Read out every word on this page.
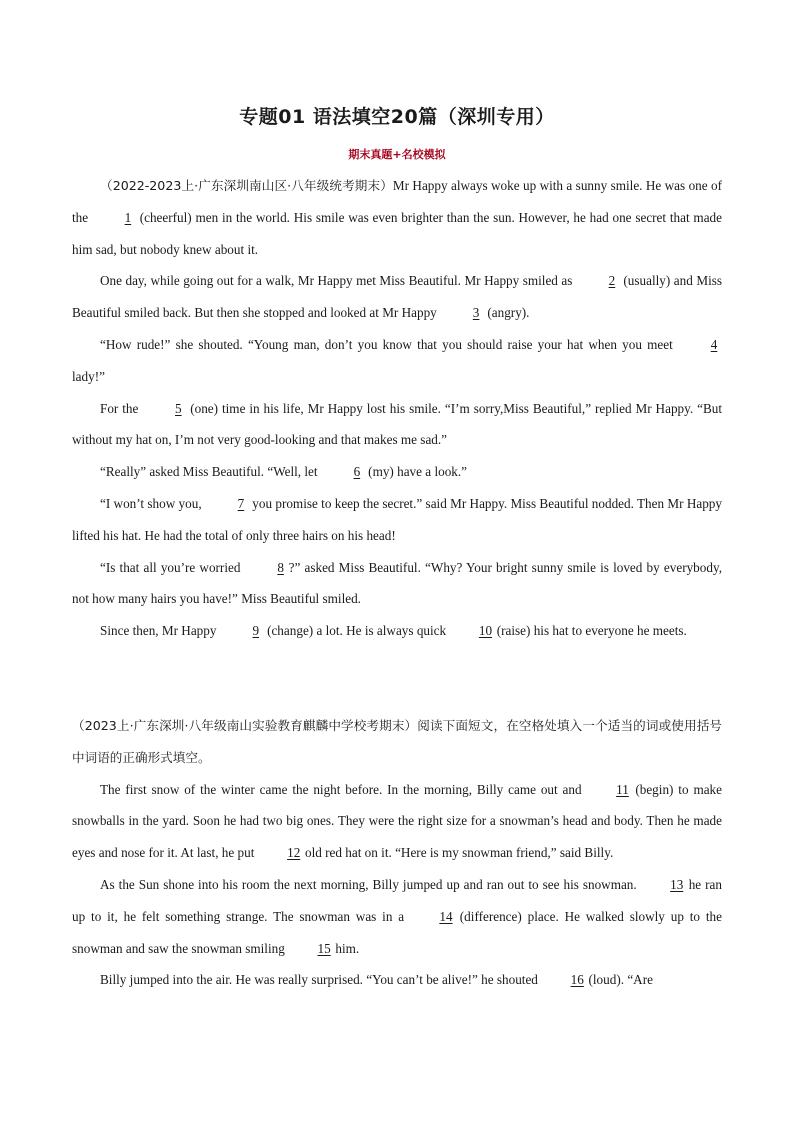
专题01 语法填空20篇（深圳专用）
期末真题+名校模拟

（2022-2023上·广东深圳南山区·八年级统考期末）Mr Happy always woke up with a sunny smile. He was one of the 1 (cheerful) men in the world. His smile was even brighter than the sun. However, he had one secret that made him sad, but nobody knew about it.

One day, while going out for a walk, Mr Happy met Miss Beautiful. Mr Happy smiled as 2 (usually) and Miss Beautiful smiled back. But then she stopped and looked at Mr Happy 3 (angry).

“How rude!” she shouted. “Young man, don’t you know that you should raise your hat when you meet 4 lady!”

For the 5 (one) time in his life, Mr Happy lost his smile. “I’m sorry,Miss Beautiful,” replied Mr Happy. “But without my hat on, I’m not very good-looking and that makes me sad.”

“Really” asked Miss Beautiful. “Well, let 6 (my) have a look.”

“I won’t show you, 7 you promise to keep the secret.” said Mr Happy. Miss Beautiful nodded. Then Mr Happy lifted his hat. He had the total of only three hairs on his head!

“Is that all you’re worried 8 ?” asked Miss Beautiful. “Why? Your bright sunny smile is loved by everybody, not how many hairs you have!” Miss Beautiful smiled.

Since then, Mr Happy 9 (change) a lot. He is always quick 10 (raise) his hat to everyone he meets.

（2023上·广东深圳·八年级南山实验教育麒麟中学校考期末）阅读下面短文，在空格处填入一个适当的词或使用括号中词语的正确形式填空。

The first snow of the winter came the night before. In the morning, Billy came out and 11 (begin) to make snowballs in the yard. Soon he had two big ones. They were the right size for a snowman’s head and body. Then he made eyes and nose for it. At last, he put 12 old red hat on it. “Here is my snowman friend,” said Billy.

As the Sun shone into his room the next morning, Billy jumped up and ran out to see his snowman. 13 he ran up to it, he felt something strange. The snowman was in a 14 (difference) place. He walked slowly up to the snowman and saw the snowman smiling 15 him.

Billy jumped into the air. He was really surprised. “You can’t be alive!” he shouted 16 (loud). “Are
